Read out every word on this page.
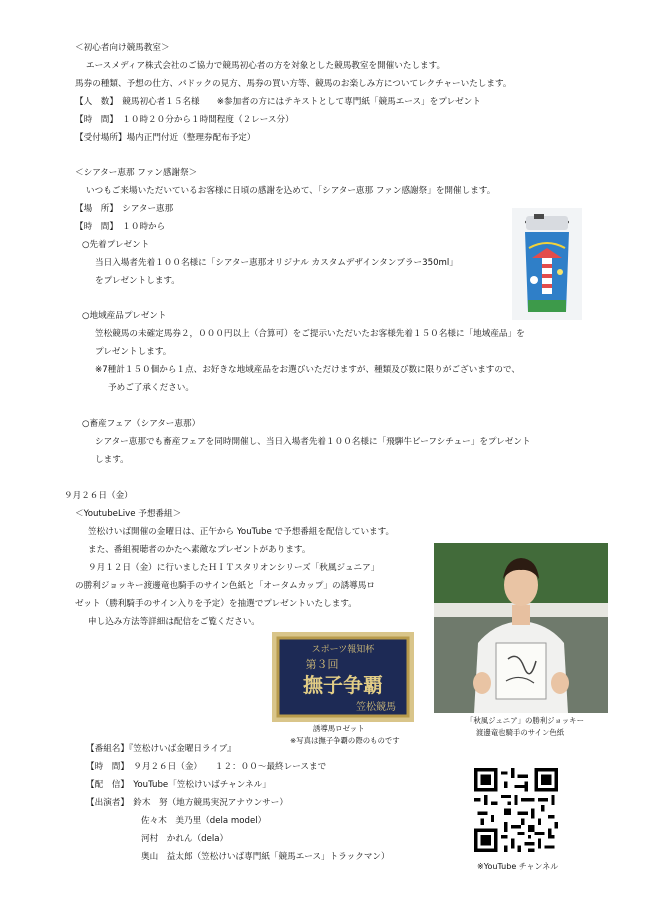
＜初心者向け競馬教室＞
エースメディア株式会社のご協力で競馬初心者の方を対象とした競馬教室を開催いたします。
馬券の種類、予想の仕方、パドックの見方、馬券の買い方等、競馬のお楽しみ方についてレクチャーいたします。
【人　数】　競馬初心者１５名様　　※参加者の方にはテキストとして専門紙「競馬エース」をプレゼント
【時　間】　１０時２０分から１時間程度（２レース分）
【受付場所】場内正門付近（整理券配布予定）
＜シアター恵那 ファン感謝祭＞
いつもご来場いただいているお客様に日頃の感謝を込めて、「シアター恵那 ファン感謝祭」を開催します。
【場　所】　シアター恵那
【時　間】　１０時から
○先着プレゼント
当日入場者先着１００名様に「シアター恵那オリジナル カスタムデザインタンブラー350ml」
をプレゼントします。
○地域産品プレゼント
笠松競馬の未確定馬券２，０００円以上（合算可）をご提示いただいたお客様先着１５０名様に「地域産品」を
プレゼントします。
※7種計１５０個から１点、お好きな地域産品をお選びいただけますが、種類及び数に限りがございますので、
予めご了承ください。
○畜産フェア（シアター恵那）
シアター恵那でも畜産フェアを同時開催し、当日入場者先着１００名様に「飛騨牛ビーフシチュー」をプレゼント
します。
９月２６日（金）
＜YoutubeLive 予想番組＞
笠松けいば開催の金曜日は、正午から YouTube で予想番組を配信しています。
また、番組視聴者のかたへ素敵なプレゼントがあります。
９月１２日（金）に行いましたＨＩＴスタリオンシリーズ「秋風ジュニア」
の勝利ジョッキー渡邊竜也騎手のサイン色紙と「オータムカップ」の誘導馬ロ
ゼット（勝利騎手のサイン入りを予定）を抽選でプレゼントいたします。
申し込み方法等詳細は配信をご覧ください。
スポーツ報知杯
第３回
撫子争覇
笠松競馬
誘導馬ロゼット
※写真は撫子争覇の際のものです
「秋風ジュニア」の勝利ジョッキー
渡邊竜也騎手のサイン色紙
【番組名】『笠松けいば金曜日ライブ』
【時　間】　９月２６日（金）　　１２：００～最終レースまで
【配　信】　YouTube「笠松けいばチャンネル」
【出演者】　鈴木　努（地方競馬実況アナウンサー）
佐々木　美乃里（dela model）
河村　かれん（dela）
奥山　益太郎（笠松けいば専門紙「競馬エース」トラックマン）
※YouTube チャンネル
